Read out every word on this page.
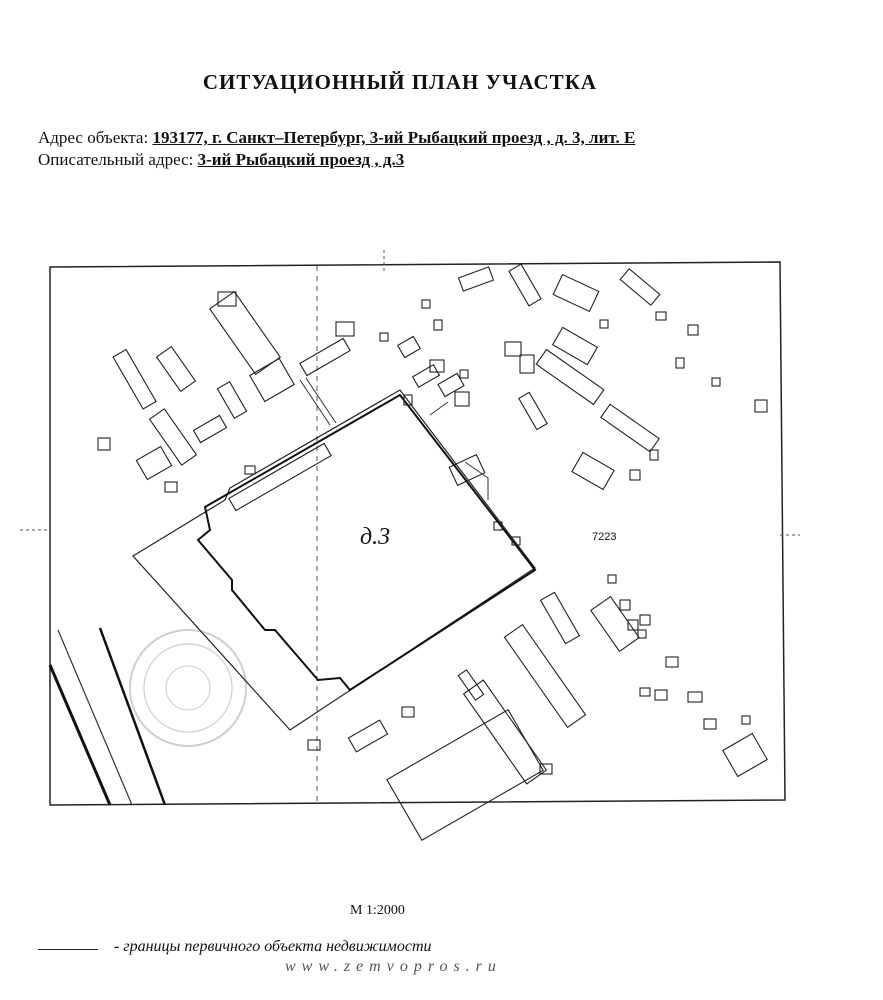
СИТУАЦИОННЫЙ ПЛАН УЧАСТКА
Адрес объекта: 193177, г. Санкт–Петербург, 3-ий Рыбацкий проезд , д. 3, лит. Е
Описательный адрес: 3-ий Рыбацкий проезд , д.3
д.3	7223
М 1:2000
- границы первичного объекта недвижимости
www.zemvopros.ru
